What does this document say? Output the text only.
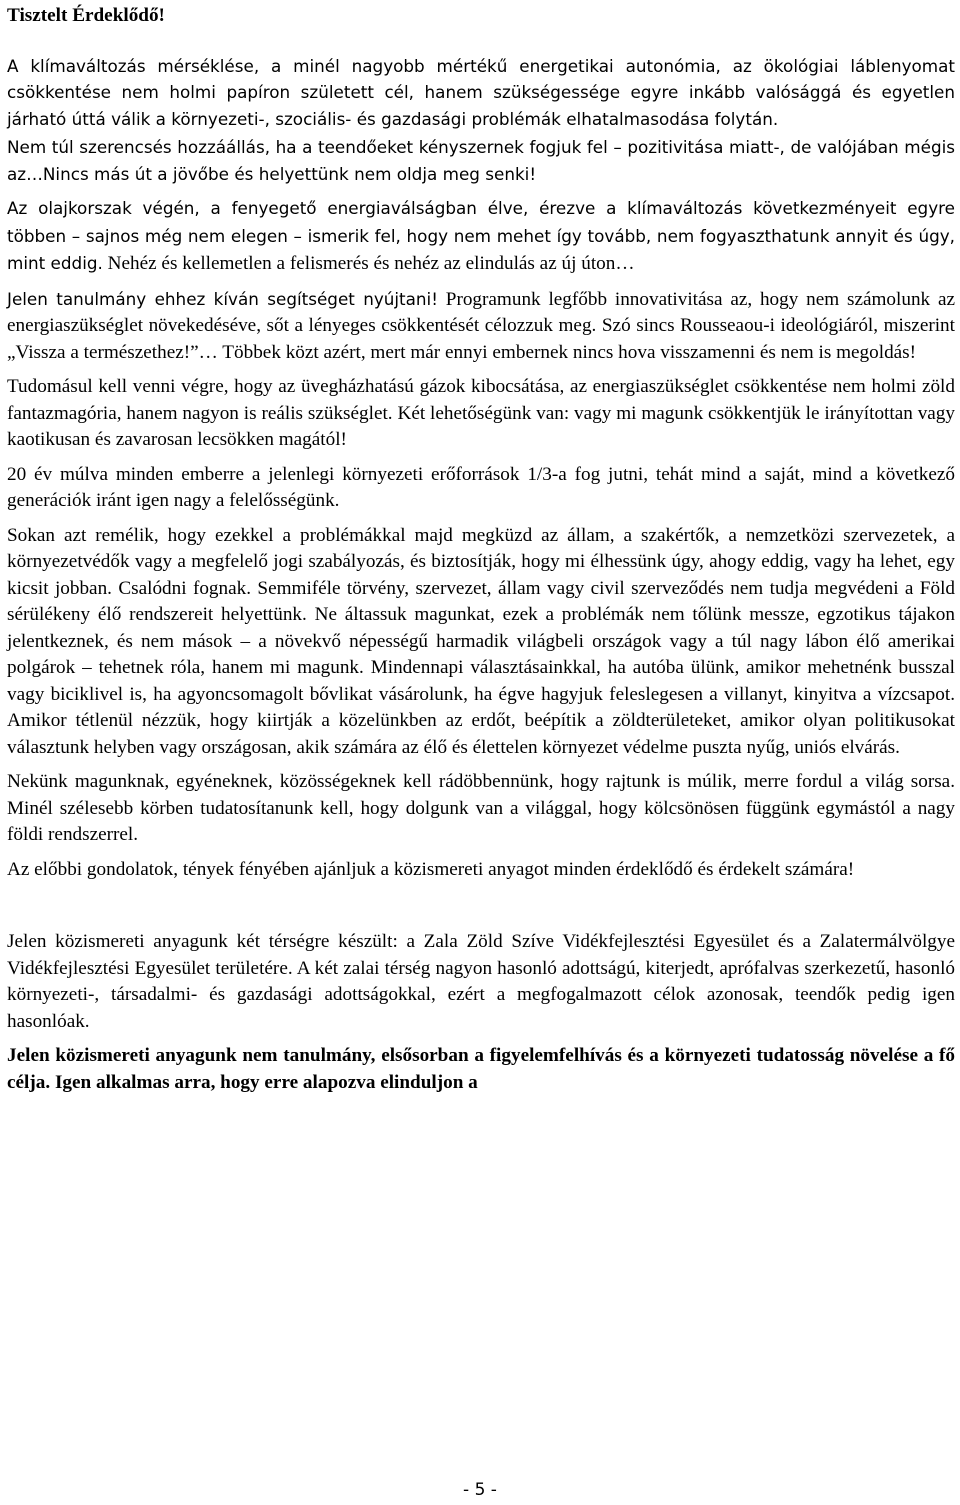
Tisztelt Érdeklődő!

A klímaváltozás mérséklése, a minél nagyobb mértékű energetikai autonómia, az ökológiai láblenyomat csökkentése nem holmi papíron született cél, hanem szükségessége egyre inkább valósággá és egyetlen járható úttá válik a környezeti-, szociális- és gazdasági problémák elhatalmasodása folytán.

Nem túl szerencsés hozzáállás, ha a teendőeket kényszernek fogjuk fel – pozitivitása miatt-, de valójában mégis az…Nincs más út a jövőbe és helyettünk nem oldja meg senki!

Az olajkorszak végén, a fenyegető energiaválságban élve, érezve a klímaváltozás következményeit egyre többen – sajnos még nem elegen – ismerik fel, hogy nem mehet így tovább, nem fogyaszthatunk annyit és úgy, mint eddig. Nehéz és kellemetlen a felismerés és nehéz az elindulás az új úton…
Jelen tanulmány ehhez kíván segítséget nyújtani! Programunk legfőbb innovativitása az, hogy nem számolunk az energiaszükséglet növekedéséve, sőt a lényeges csökkentését célozzuk meg. Szó sincs Rousseaou-i ideológiáról, miszerint „Vissza a természethez!”… Többek közt azért, mert már ennyi embernek nincs hova visszamenni és nem is megoldás!

Tudomásul kell venni végre, hogy az üvegházhatású gázok kibocsátása, az energiaszükséglet csökkentése nem holmi zöld fantazmagória, hanem nagyon is reális szükséglet. Két lehetőségünk van: vagy mi magunk csökkentjük le irányítottan vagy kaotikusan és zavarosan lecsökken magától!

20 év múlva minden emberre a jelenlegi környezeti erőforrások 1/3-a fog jutni, tehát mind a saját, mind a következő generációk iránt igen nagy a felelősségünk.

Sokan azt remélik, hogy ezekkel a problémákkal majd megküzd az állam, a szakértők, a nemzetközi szervezetek, a környezetvédők vagy a megfelelő jogi szabályozás, és biztosítják, hogy mi élhessünk úgy, ahogy eddig, vagy ha lehet, egy kicsit jobban. Csalódni fognak. Semmiféle törvény, szervezet, állam vagy civil szerveződés nem tudja megvédeni a Föld sérülékeny élő rendszereit helyettünk. Ne áltassuk magunkat, ezek a problémák nem tőlünk messze, egzotikus tájakon jelentkeznek, és nem mások – a növekvő népességű harmadik világbeli országok vagy a túl nagy lábon élő amerikai polgárok – tehetnek róla, hanem mi magunk. Mindennapi választásainkkal, ha autóba ülünk, amikor mehetnénk busszal vagy biciklivel is, ha agyoncsomagolt bővlikat vásárolunk, ha égve hagyjuk feleslegesen a villanyt, kinyitva a vízcsapot. Amikor tétlenül nézzük, hogy kiirtják a közelünkben az erdőt, beépítik a zöldterületeket, amikor olyan politikusokat választunk helyben vagy országosan, akik számára az élő és élettelen környezet védelme puszta nyűg, uniós elvárás.

Nekünk magunknak, egyéneknek, közösségeknek kell rádöbbennünk, hogy rajtunk is múlik, merre fordul a világ sorsa. Minél szélesebb körben tudatosítanunk kell, hogy dolgunk van a világgal, hogy kölcsönösen függünk egymástól a nagy földi rendszerrel.

Az előbbi gondolatok, tények fényében ajánljuk a közismereti anyagot minden érdeklődő és érdekelt számára!

Jelen közismereti anyagunk két térségre készült: a Zala Zöld Szíve Vidékfejlesztési Egyesület és a Zalatermálvölgye Vidékfejlesztési Egyesület területére. A két zalai térség nagyon hasonló adottságú, kiterjedt, aprófalvas szerkezetű, hasonló környezeti-, társadalmi- és gazdasági adottságokkal, ezért a megfogalmazott célok azonosak, teendők pedig igen hasonlóak.

Jelen közismereti anyagunk nem tanulmány, elsősorban a figyelemfelhívás és a környezeti tudatosság növelése a fő célja. Igen alkalmas arra, hogy erre alapozva elinduljon a

- 5 -
